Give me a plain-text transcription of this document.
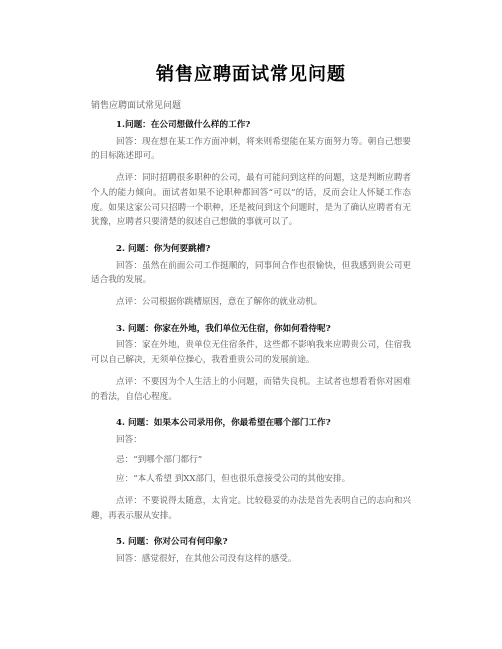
销售应聘面试常见问题
销售应聘面试常见问题
1.问题：在公司想做什么样的工作?
回答：现在想在某工作方面冲刺，将来则希望能在某方面努力等。朝自己想要的目标陈述即可。
点评：同时招聘很多职种的公司，最有可能问到这样的问题，这是判断应聘者个人的能力倾向。面试者如果不论职种都回答“可以”的话，反而会让人怀疑工作态度。如果这家公司只招聘一个职种，还是被问到这个问题时，是为了确认应聘者有无犹豫，应聘者只要清楚的叙述自己想做的事就可以了。
2. 问题：你为何要跳槽?
回答：虽然在前面公司工作挺顺的，同事间合作也很愉快，但我感到贵公司更适合我的发展。
点评：公司根据你跳槽原因，意在了解你的就业动机。
3. 问题：你家在外地，我们单位无住宿，你如何看待呢?
回答：家在外地，贵单位无住宿条件，这些都不影响我来应聘贵公司，住宿我可以自己解决，无须单位操心，我看重贵公司的发展前途。
点评：不要因为个人生活上的小问题，而错失良机。主试者也想看看你对困难的看法，自信心程度。
4. 问题：如果本公司录用你，你最希望在哪个部门工作?
回答：
忌：“到哪个部门都行”
应：“本人希望 到XX部门，但也很乐意接受公司的其他安排。
点评：不要说得太随意，太肯定。比较稳妥的办法是首先表明自己的志向和兴趣，再表示服从安排。
5. 问题：你对公司有何印象?
回答：感觉很好，在其他公司没有这样的感受。
